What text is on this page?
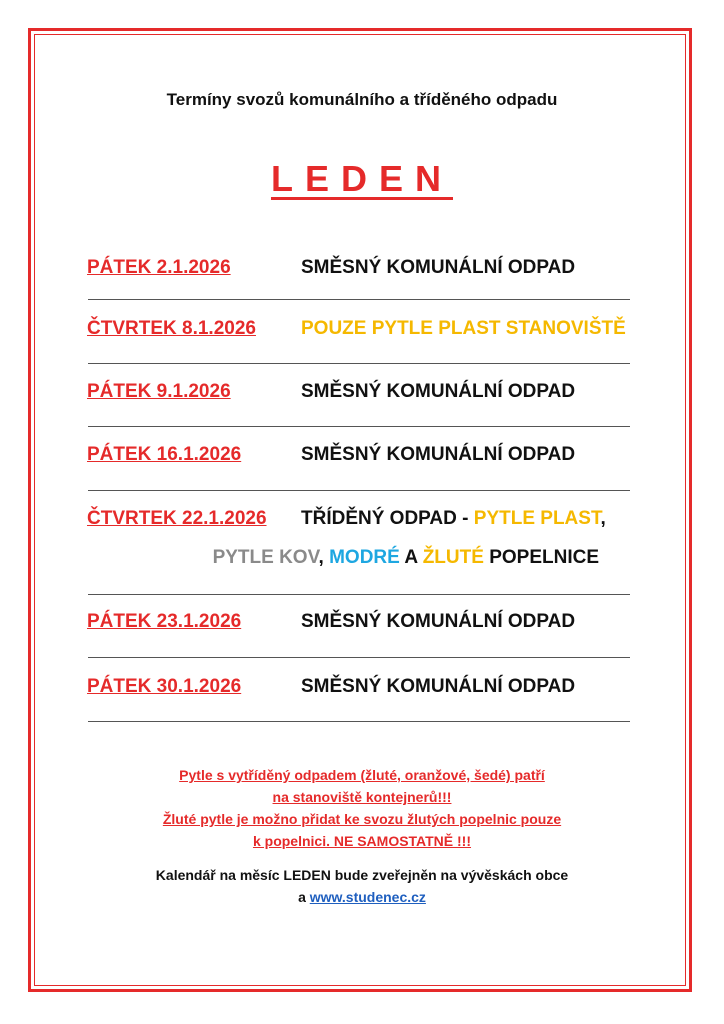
Termíny svozů komunálního a tříděného odpadu
LEDEN
PÁTEK 2.1.2026	SMĚSNÝ KOMUNÁLNÍ ODPAD
ČTVRTEK 8.1.2026 POUZE PYTLE PLAST STANOVIŠTĚ
PÁTEK 9.1.2026	SMĚSNÝ KOMUNÁLNÍ ODPAD
PÁTEK 16.1.2026	SMĚSNÝ KOMUNÁLNÍ ODPAD
ČTVRTEK 22.1.2026 TŘÍDĚNÝ ODPAD - PYTLE PLAST,
PYTLE KOV, MODRÉ A ŽLUTÉ POPELNICE
PÁTEK 23.1.2026	SMĚSNÝ KOMUNÁLNÍ ODPAD
PÁTEK 30.1.2026	SMĚSNÝ KOMUNÁLNÍ ODPAD
Pytle s vytříděný odpadem (žluté, oranžové, šedé) patří
na stanoviště kontejnerů!!!
Žluté pytle je možno přidat ke svozu žlutých popelnic pouze
k popelnici. NE SAMOSTATNĚ !!!
Kalendář na měsíc LEDEN bude zveřejněn na vývěskách obce
a www.studenec.cz
